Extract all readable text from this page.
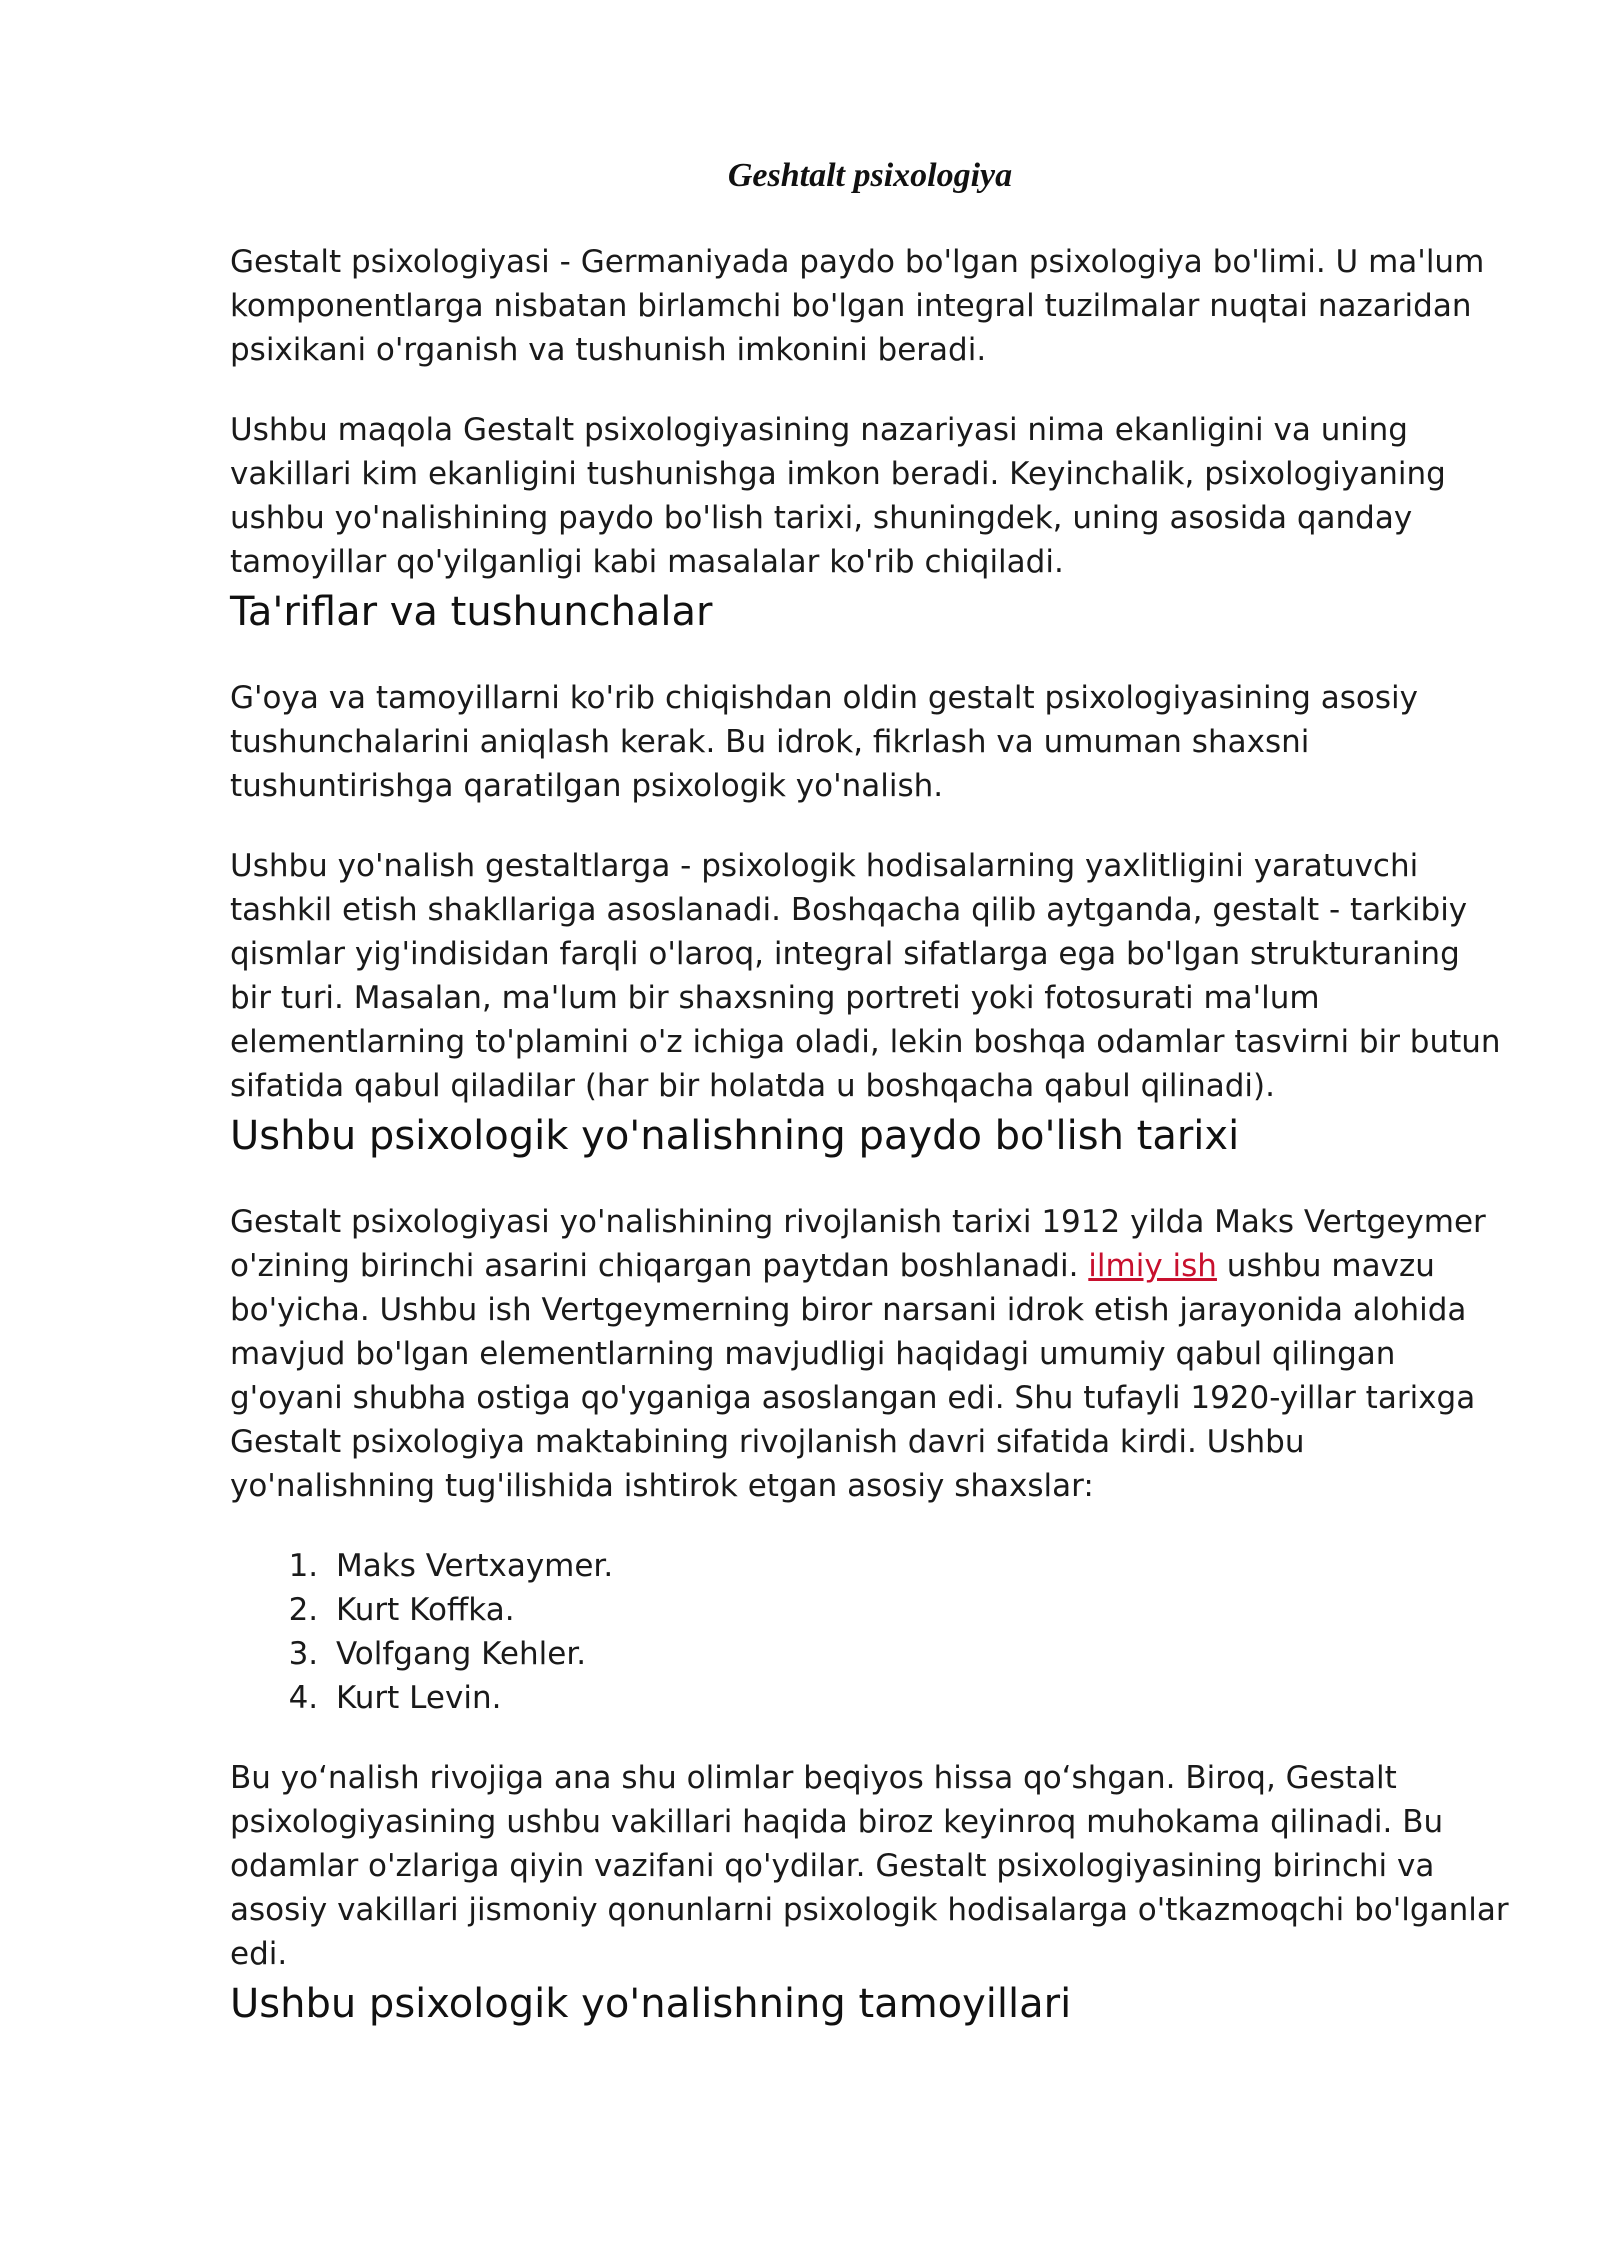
Geshtalt psixologiya

Gestalt psixologiyasi - Germaniyada paydo bo'lgan psixologiya bo'limi. U ma'lum komponentlarga nisbatan birlamchi bo'lgan integral tuzilmalar nuqtai nazaridan psixikani o'rganish va tushunish imkonini beradi.

Ushbu maqola Gestalt psixologiyasining nazariyasi nima ekanligini va uning vakillari kim ekanligini tushunishga imkon beradi. Keyinchalik, psixologiyaning ushbu yo'nalishining paydo bo'lish tarixi, shuningdek, uning asosida qanday tamoyillar qo'yilganligi kabi masalalar ko'rib chiqiladi.

Ta'riflar va tushunchalar

G'oya va tamoyillarni ko'rib chiqishdan oldin gestalt psixologiyasining asosiy tushunchalarini aniqlash kerak. Bu idrok, fikrlash va umuman shaxsni tushuntirishga qaratilgan psixologik yo'nalish.

Ushbu yo'nalish gestaltlarga - psixologik hodisalarning yaxlitligini yaratuvchi tashkil etish shakllariga asoslanadi. Boshqacha qilib aytganda, gestalt - tarkibiy qismlar yig'indisidan farqli o'laroq, integral sifatlarga ega bo'lgan strukturaning bir turi. Masalan, ma'lum bir shaxsning portreti yoki fotosurati ma'lum elementlarning to'plamini o'z ichiga oladi, lekin boshqa odamlar tasvirni bir butun sifatida qabul qiladilar (har bir holatda u boshqacha qabul qilinadi).

Ushbu psixologik yo'nalishning paydo bo'lish tarixi

Gestalt psixologiyasi yo'nalishining rivojlanish tarixi 1912 yilda Maks Vertgeymer o'zining birinchi asarini chiqargan paytdan boshlanadi. ilmiy ish ushbu mavzu bo'yicha. Ushbu ish Vertgeymerning biror narsani idrok etish jarayonida alohida mavjud bo'lgan elementlarning mavjudligi haqidagi umumiy qabul qilingan g'oyani shubha ostiga qo'yganiga asoslangan edi. Shu tufayli 1920-yillar tarixga Gestalt psixologiya maktabining rivojlanish davri sifatida kirdi. Ushbu yo'nalishning tug'ilishida ishtirok etgan asosiy shaxslar:

1. Maks Vertxaymer.
2. Kurt Koffka.
3. Volfgang Kehler.
4. Kurt Levin.

Bu yo‘nalish rivojiga ana shu olimlar beqiyos hissa qo‘shgan. Biroq, Gestalt psixologiyasining ushbu vakillari haqida biroz keyinroq muhokama qilinadi. Bu odamlar o'zlariga qiyin vazifani qo'ydilar. Gestalt psixologiyasining birinchi va asosiy vakillari jismoniy qonunlarni psixologik hodisalarga o'tkazmoqchi bo'lganlar edi.

Ushbu psixologik yo'nalishning tamoyillari
